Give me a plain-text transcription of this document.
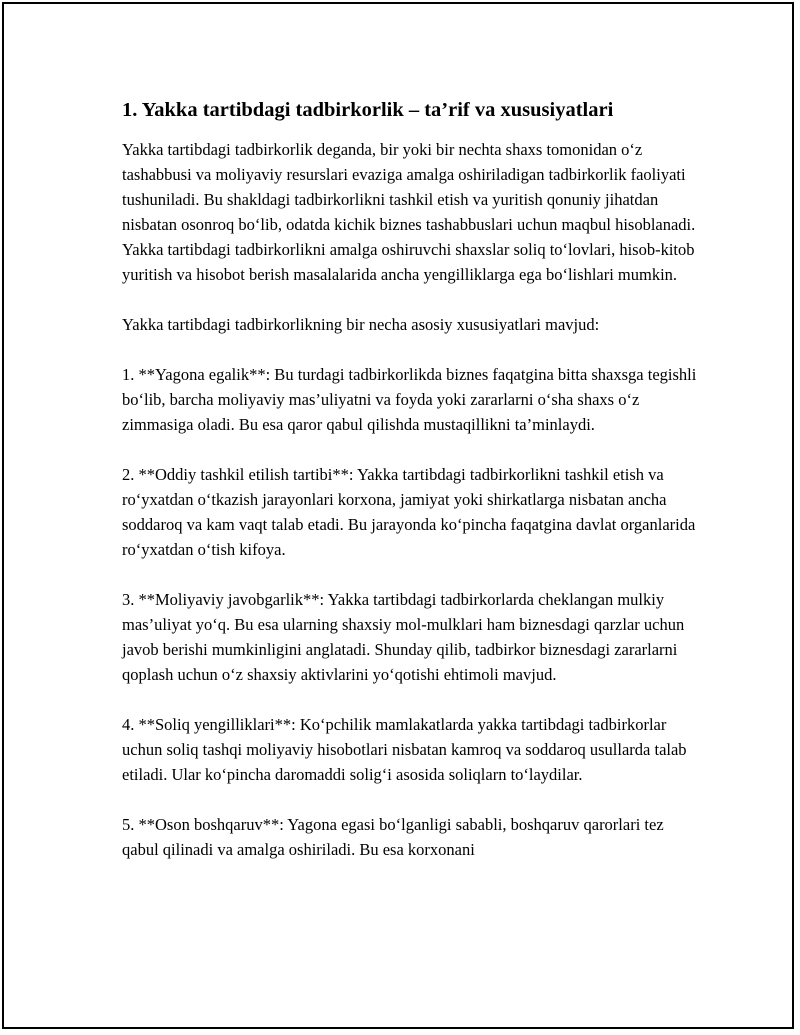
1. Yakka tartibdagi tadbirkorlik – ta’rif va xususiyatlari

Yakka tartibdagi tadbirkorlik deganda, bir yoki bir nechta shaxs tomonidan o‘z tashabbusi va moliyaviy resurslari evaziga amalga oshiriladigan tadbirkorlik faoliyati tushuniladi. Bu shakldagi tadbirkorlikni tashkil etish va yuritish qonuniy jihatdan nisbatan osonroq bo‘lib, odatda kichik biznes tashabbuslari uchun maqbul hisoblanadi. Yakka tartibdagi tadbirkorlikni amalga oshiruvchi shaxslar soliq to‘lovlari, hisob-kitob yuritish va hisobot berish masalalarida ancha yengilliklarga ega bo‘lishlari mumkin.

Yakka tartibdagi tadbirkorlikning bir necha asosiy xususiyatlari mavjud:

1. **Yagona egalik**: Bu turdagi tadbirkorlikda biznes faqatgina bitta shaxsga tegishli bo‘lib, barcha moliyaviy mas’uliyatni va foyda yoki zararlarni o‘sha shaxs o‘z zimmasiga oladi. Bu esa qaror qabul qilishda mustaqillikni ta’minlaydi.

2. **Oddiy tashkil etilish tartibi**: Yakka tartibdagi tadbirkorlikni tashkil etish va ro‘yxatdan o‘tkazish jarayonlari korxona, jamiyat yoki shirkatlarga nisbatan ancha soddaroq va kam vaqt talab etadi. Bu jarayonda ko‘pincha faqatgina davlat organlarida ro‘yxatdan o‘tish kifoya.

3. **Moliyaviy javobgarlik**: Yakka tartibdagi tadbirkorlarda cheklangan mulkiy mas’uliyat yo‘q. Bu esa ularning shaxsiy mol-mulklari ham biznesdagi qarzlar uchun javob berishi mumkinligini anglatadi. Shunday qilib, tadbirkor biznesdagi zararlarni qoplash uchun o‘z shaxsiy aktivlarini yo‘qotishi ehtimoli mavjud.

4. **Soliq yengilliklari**: Ko‘pchilik mamlakatlarda yakka tartibdagi tadbirkorlar uchun soliq tashqi moliyaviy hisobotlari nisbatan kamroq va soddaroq usullarda talab etiladi. Ular ko‘pincha daromaddi solig‘i asosida soliqlarn to‘laydilar.

5. **Oson boshqaruv**: Yagona egasi bo‘lganligi sababli, boshqaruv qarorlari tez qabul qilinadi va amalga oshiriladi. Bu esa korxonani
